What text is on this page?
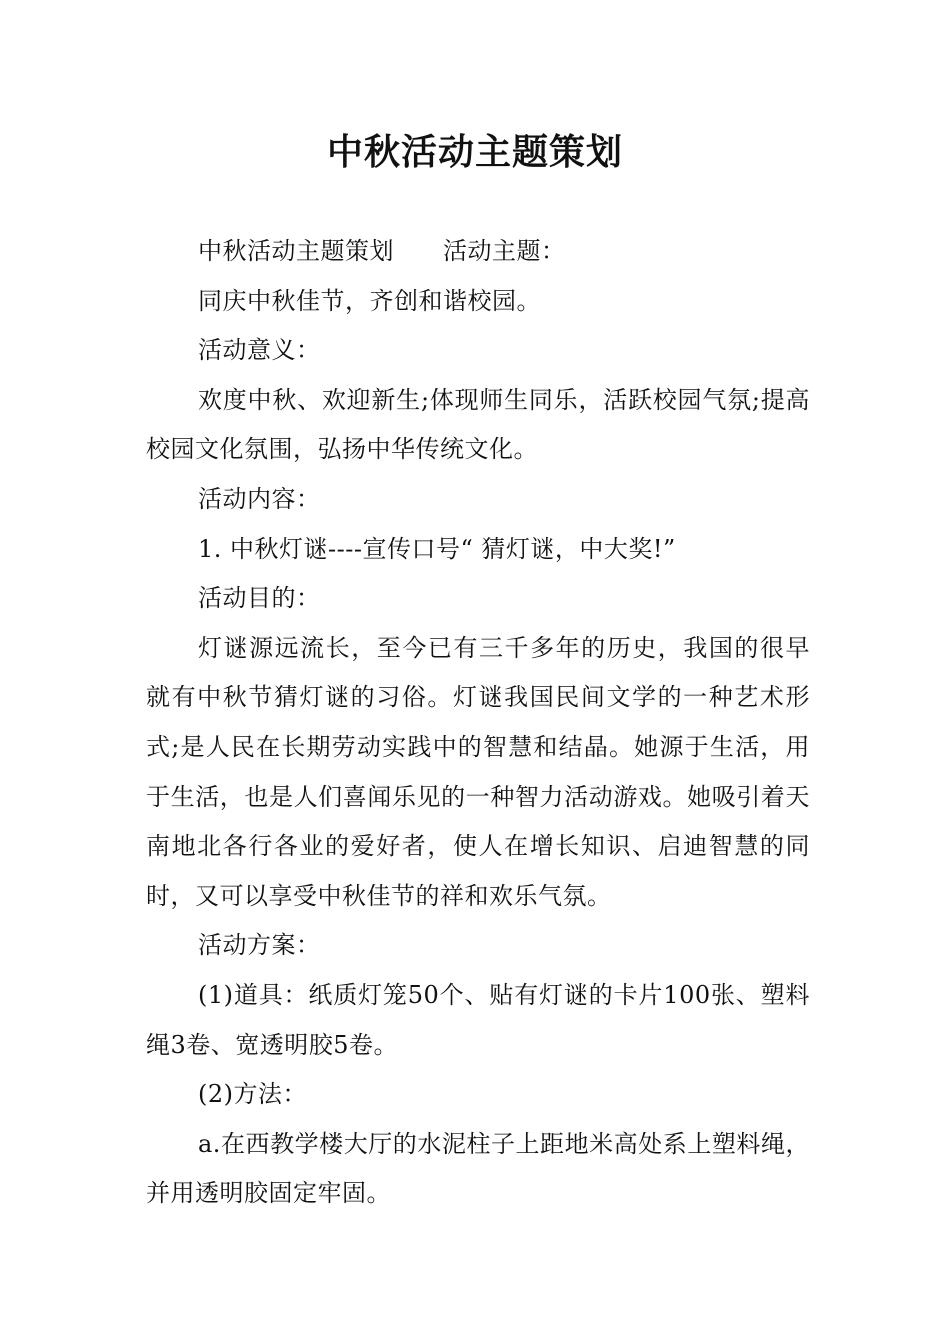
中秋活动主题策划

中秋活动主题策划　　活动主题：

同庆中秋佳节，齐创和谐校园。

活动意义：

欢度中秋、欢迎新生;体现师生同乐，活跃校园气氛;提高校园文化氛围，弘扬中华传统文化。

活动内容：

1. 中秋灯谜----宣传口号“ 猜灯谜，中大奖!”

活动目的：

灯谜源远流长，至今已有三千多年的历史，我国的很早就有中秋节猜灯谜的习俗。灯谜我国民间文学的一种艺术形式;是人民在长期劳动实践中的智慧和结晶。她源于生活，用于生活，也是人们喜闻乐见的一种智力活动游戏。她吸引着天南地北各行各业的爱好者，使人在增长知识、启迪智慧的同时，又可以享受中秋佳节的祥和欢乐气氛。

活动方案：

(1)道具：纸质灯笼50个、贴有灯谜的卡片100张、塑料绳3卷、宽透明胶5卷。

(2)方法：

a.在西教学楼大厅的水泥柱子上距地米高处系上塑料绳，并用透明胶固定牢固。
